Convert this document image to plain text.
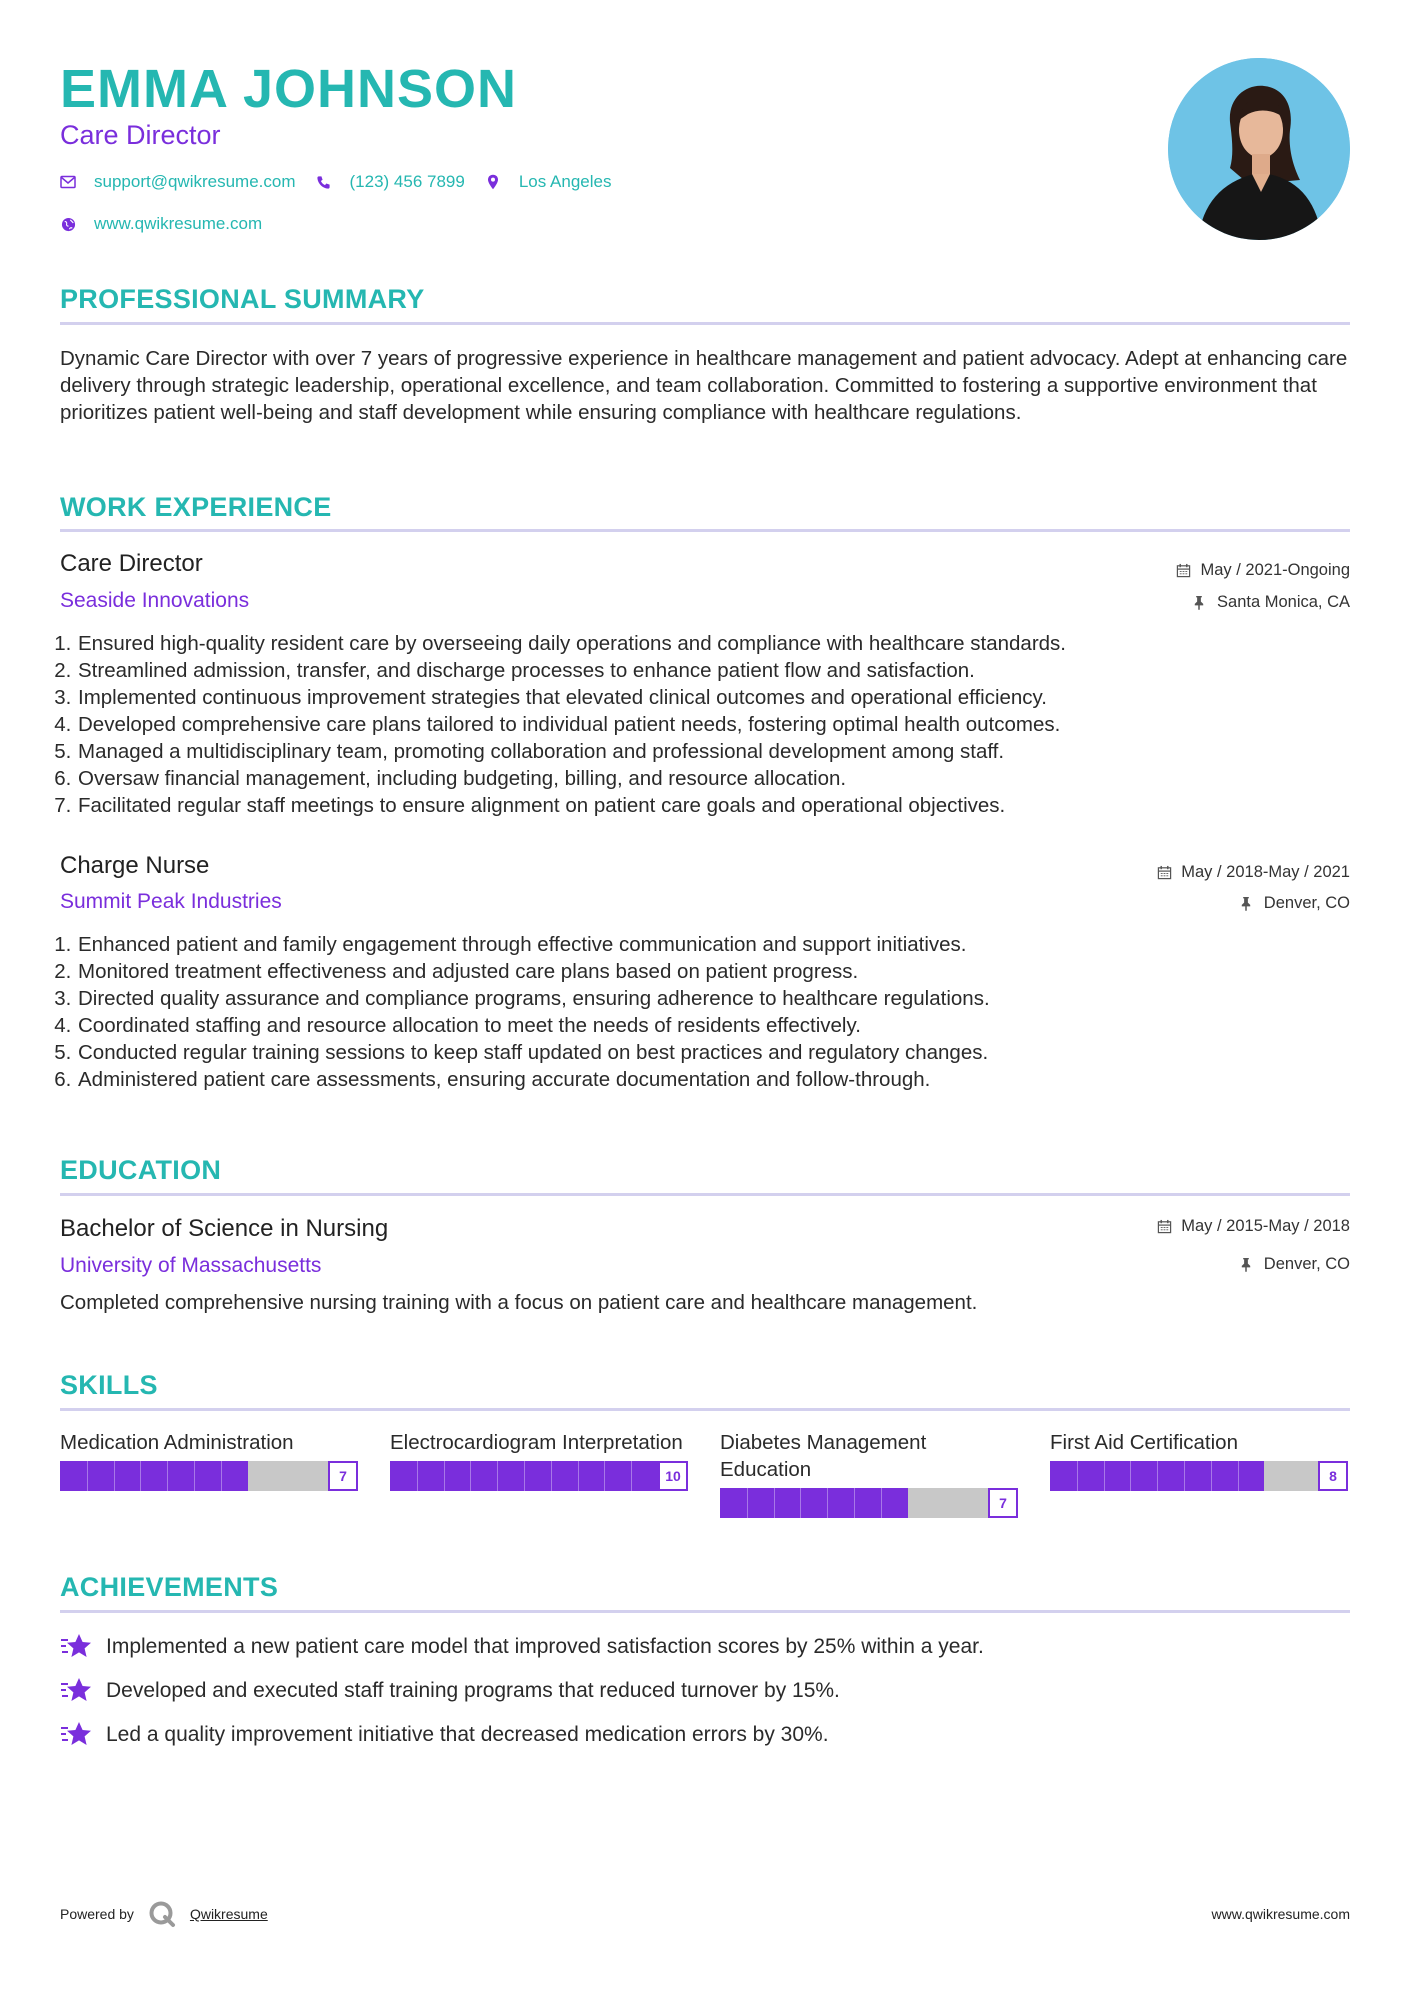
EMMA JOHNSON
Care Director
support@qwikresume.com	(123) 456 7899	Los Angeles
www.qwikresume.com
PROFESSIONAL SUMMARY

Dynamic Care Director with over 7 years of progressive experience in healthcare management and patient advocacy. Adept at enhancing care delivery through strategic leadership, operational excellence, and team collaboration. Committed to fostering a supportive environment that prioritizes patient well-being and staff development while ensuring compliance with healthcare regulations.

WORK EXPERIENCE
Care Director
Seaside Innovations
May / 2021-Ongoing
Santa Monica, CA
1. Ensured high-quality resident care by overseeing daily operations and compliance with healthcare standards.
2. Streamlined admission, transfer, and discharge processes to enhance patient flow and satisfaction.
3. Implemented continuous improvement strategies that elevated clinical outcomes and operational efficiency.
4. Developed comprehensive care plans tailored to individual patient needs, fostering optimal health outcomes.
5. Managed a multidisciplinary team, promoting collaboration and professional development among staff.
6. Oversaw financial management, including budgeting, billing, and resource allocation.
7. Facilitated regular staff meetings to ensure alignment on patient care goals and operational objectives.
Charge Nurse
Summit Peak Industries
May / 2018-May / 2021
Denver, CO
1. Enhanced patient and family engagement through effective communication and support initiatives.
2. Monitored treatment effectiveness and adjusted care plans based on patient progress.
3. Directed quality assurance and compliance programs, ensuring adherence to healthcare regulations.
4. Coordinated staffing and resource allocation to meet the needs of residents effectively.
5. Conducted regular training sessions to keep staff updated on best practices and regulatory changes.
6. Administered patient care assessments, ensuring accurate documentation and follow-through.
EDUCATION
Bachelor of Science in Nursing
University of Massachusetts
May / 2015-May / 2018
Denver, CO

Completed comprehensive nursing training with a focus on patient care and healthcare management.

SKILLS
Medication Administration
7
Electrocardiogram Interpretation
10
Diabetes Management Education
7
First Aid Certification
8
ACHIEVEMENTS
Implemented a new patient care model that improved satisfaction scores by 25% within a year.
Developed and executed staff training programs that reduced turnover by 15%.
Led a quality improvement initiative that decreased medication errors by 30%.
Powered by	Qwikresume	www.qwikresume.com
